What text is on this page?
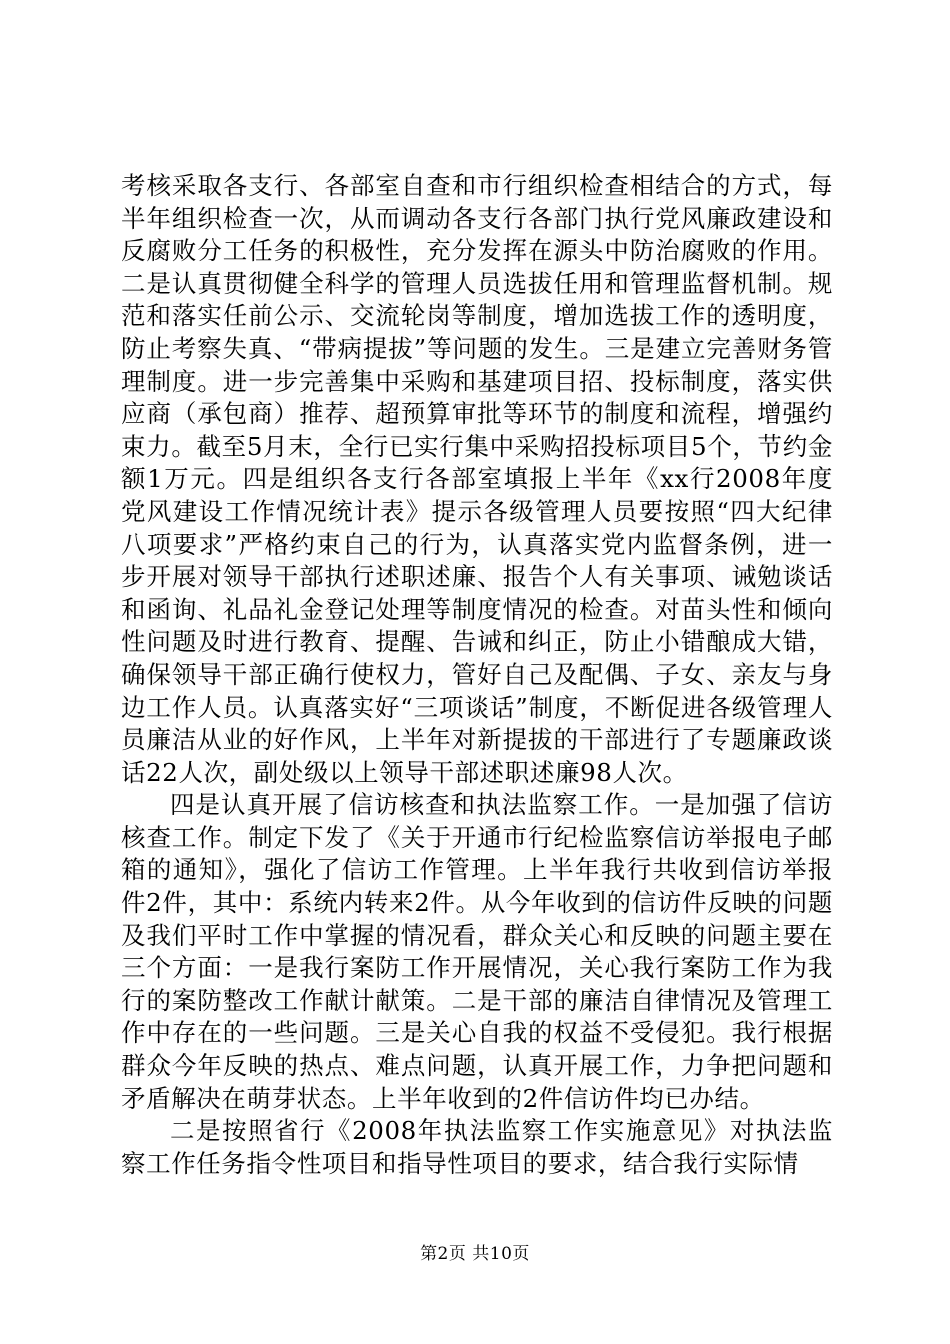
考核采取各支行、各部室自查和市行组织检查相结合的方式，每半年组织检查一次，从而调动各支行各部门执行党风廉政建设和反腐败分工任务的积极性，充分发挥在源头中防治腐败的作用。二是认真贯彻健全科学的管理人员选拔任用和管理监督机制。规范和落实任前公示、交流轮岗等制度，增加选拔工作的透明度，防止考察失真、“带病提拔”等问题的发生。三是建立完善财务管理制度。进一步完善集中采购和基建项目招、投标制度，落实供应商（承包商）推荐、超预算审批等环节的制度和流程，增强约束力。截至5月末，全行已实行集中采购招投标项目5个，节约金额1万元。四是组织各支行各部室填报上半年《xx行2008年度党风建设工作情况统计表》提示各级管理人员要按照“四大纪律八项要求”严格约束自己的行为，认真落实党内监督条例，进一步开展对领导干部执行述职述廉、报告个人有关事项、诫勉谈话和函询、礼品礼金登记处理等制度情况的检查。对苗头性和倾向性问题及时进行教育、提醒、告诫和纠正，防止小错酿成大错，确保领导干部正确行使权力，管好自己及配偶、子女、亲友与身边工作人员。认真落实好“三项谈话”制度，不断促进各级管理人员廉洁从业的好作风，上半年对新提拔的干部进行了专题廉政谈话22人次，副处级以上领导干部述职述廉98人次。

四是认真开展了信访核查和执法监察工作。一是加强了信访核查工作。制定下发了《关于开通市行纪检监察信访举报电子邮箱的通知》，强化了信访工作管理。上半年我行共收到信访举报件2件，其中：系统内转来2件。从今年收到的信访件反映的问题及我们平时工作中掌握的情况看，群众关心和反映的问题主要在三个方面：一是我行案防工作开展情况，关心我行案防工作为我行的案防整改工作献计献策。二是干部的廉洁自律情况及管理工作中存在的一些问题。三是关心自我的权益不受侵犯。我行根据群众今年反映的热点、难点问题，认真开展工作，力争把问题和矛盾解决在萌芽状态。上半年收到的2件信访件均已办结。

二是按照省行《2008年执法监察工作实施意见》对执法监察工作任务指令性项目和指导性项目的要求，结合我行实际情

第2页 共10页
